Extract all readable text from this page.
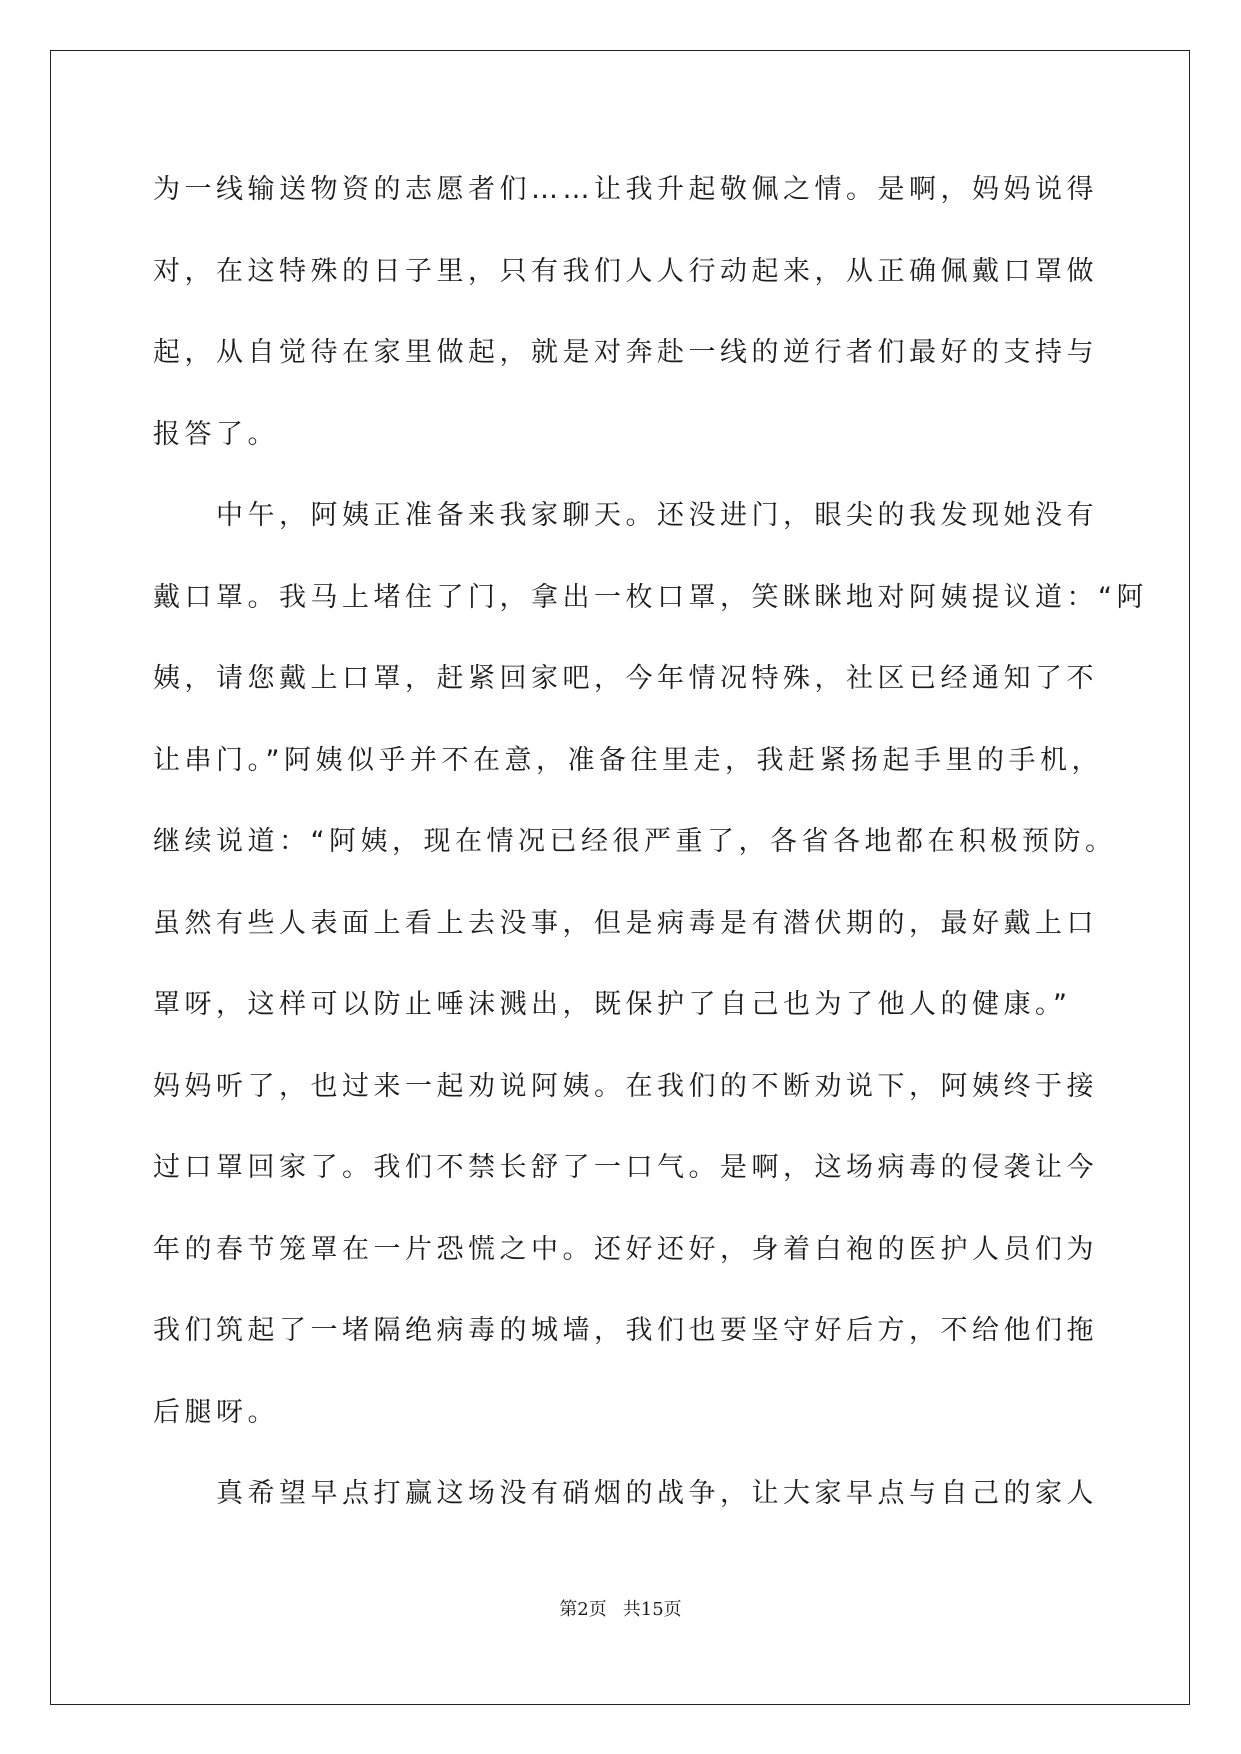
为一线输送物资的志愿者们……让我升起敬佩之情。是啊，妈妈说得
对，在这特殊的日子里，只有我们人人行动起来，从正确佩戴口罩做
起，从自觉待在家里做起，就是对奔赴一线的逆行者们最好的支持与
报答了。
中午，阿姨正准备来我家聊天。还没进门，眼尖的我发现她没有
戴口罩。我马上堵住了门，拿出一枚口罩，笑眯眯地对阿姨提议道：“阿
姨，请您戴上口罩，赶紧回家吧，今年情况特殊，社区已经通知了不
让串门。”阿姨似乎并不在意，准备往里走，我赶紧扬起手里的手机，
继续说道：“阿姨，现在情况已经很严重了，各省各地都在积极预防。
虽然有些人表面上看上去没事，但是病毒是有潜伏期的，最好戴上口
罩呀，这样可以防止唾沫溅出，既保护了自己也为了他人的健康。”
妈妈听了，也过来一起劝说阿姨。在我们的不断劝说下，阿姨终于接
过口罩回家了。我们不禁长舒了一口气。是啊，这场病毒的侵袭让今
年的春节笼罩在一片恐慌之中。还好还好，身着白袍的医护人员们为
我们筑起了一堵隔绝病毒的城墙，我们也要坚守好后方，不给他们拖
后腿呀。
真希望早点打赢这场没有硝烟的战争，让大家早点与自己的家人
第2页 共15页
